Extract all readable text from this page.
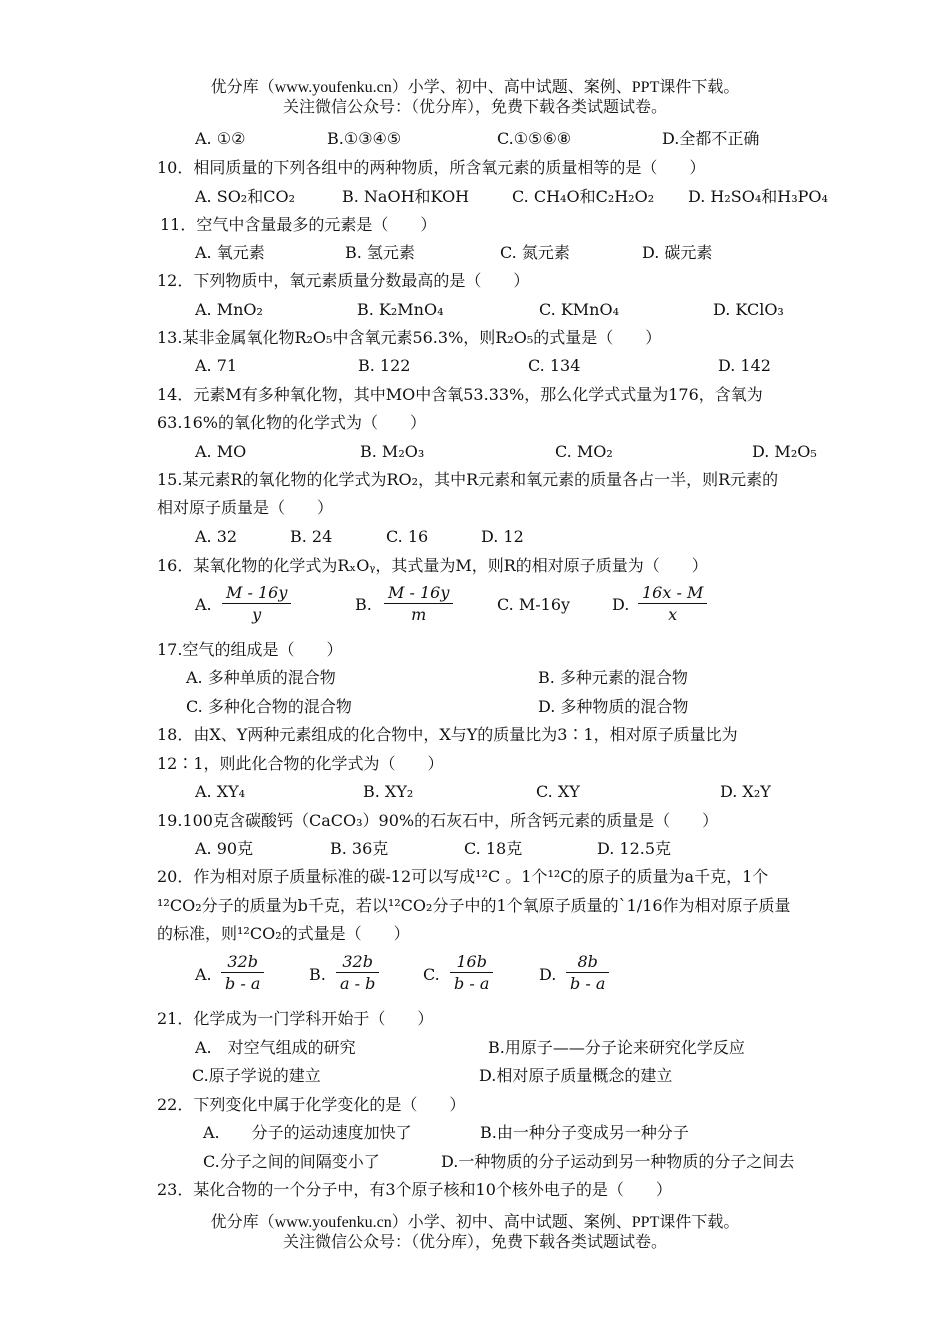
优分库（www.youfenku.cn）小学、初中、高中试题、案例、PPT课件下载。
关注微信公众号：（优分库），免费下载各类试题试卷。
A. ①②	B.①③④⑤	C.①⑤⑥⑧	D.全都不正确
10．相同质量的下列各组中的两种物质，所含氧元素的质量相等的是（　　）
A. SO₂和CO₂	B. NaOH和KOH	C. CH₄O和C₂H₂O₂ D. H₂SO₄和H₃PO₄
11．空气中含量最多的元素是（　　）
A. 氧元素	B. 氢元素	C. 氮元素	D. 碳元素
12．下列物质中，氧元素质量分数最高的是（　　）
A. MnO₂	B. K₂MnO₄	C. KMnO₄	D. KClO₃
13.某非金属氧化物R₂O₅中含氧元素56.3%，则R₂O₅的式量是（　　）
A. 71	B. 122	C. 134	D. 142
14．元素M有多种氧化物，其中MO中含氧53.33%，那么化学式式量为176，含氧为
63.16%的氧化物的化学式为（　　）
A. MO	B. M₂O₃	C. MO₂	D. M₂O₅
15.某元素R的氧化物的化学式为RO₂，其中R元素和氧元素的质量各占一半，则R元素的
相对原子质量是（　　）
A. 32	B. 24	C. 16	D. 12
16．某氧化物的化学式为RₓOᵧ，其式量为M，则R的相对原子质量为（　　）
A.
M - 16y
y
B.
M - 16y
m
C. M-16y	D.
16x - M
x
17.空气的组成是（　　）
A. 多种单质的混合物	B. 多种元素的混合物
C. 多种化合物的混合物	D. 多种物质的混合物
18．由X、Y两种元素组成的化合物中，X与Y的质量比为3∶1，相对原子质量比为
12∶1，则此化合物的化学式为（　　）
A. XY₄	B. XY₂	C. XY	D. X₂Y
19.100克含碳酸钙（CaCO₃）90%的石灰石中，所含钙元素的质量是（　　）
A. 90克	B. 36克	C. 18克	D. 12.5克
20．作为相对原子质量标准的碳-12可以写成¹²C 。1个¹²C的原子的质量为a千克，1个
¹²CO₂分子的质量为b千克，若以¹²CO₂分子中的1个氧原子质量的`1/16作为相对原子质量
的标准，则¹²CO₂的式量是（　　）
A.
32b
b - a	B.
32b
a - b	C.
16b
b - a	D.
8b
b - a
21．化学成为一门学科开始于（　　）
A.　对空气组成的研究	B.用原子——分子论来研究化学反应
C.原子学说的建立	D.相对原子质量概念的建立
22．下列变化中属于化学变化的是（　　）
A.　　分子的运动速度加快了	B.由一种分子变成另一种分子
C.分子之间的间隔变小了	D.一种物质的分子运动到另一种物质的分子之间去
23．某化合物的一个分子中，有3个原子核和10个核外电子的是（　　）
优分库（www.youfenku.cn）小学、初中、高中试题、案例、PPT课件下载。
关注微信公众号：（优分库），免费下载各类试题试卷。
